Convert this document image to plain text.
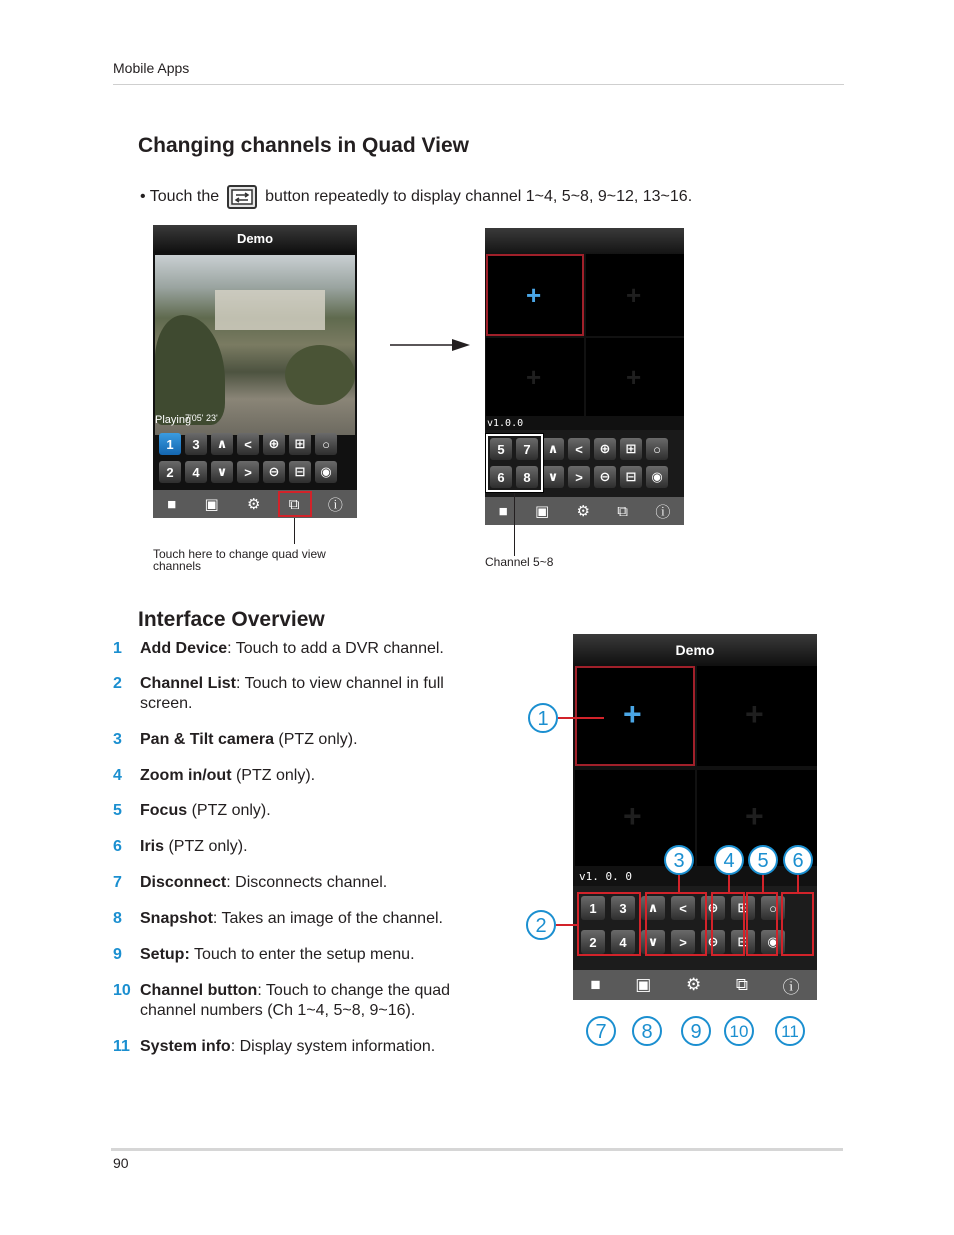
Mobile Apps
Changing channels in Quad View
• Touch the	button repeatedly to display channel 1~4, 5~8, 9~12, 13~16.
Demo
7'05' 23'
Playing
1	3	∧	<	⊕	⊞	○
2	4	∨	>	⊖	⊟	◉
■ ▣ ⚙ ⧉ ⓘ
Touch here to change quad view channels
+	+
+	+
v1.0.0
5	7	∧	<	⊕	⊞	○
6	8	∨	>	⊖	⊟	◉
■ ▣ ⚙ ⧉ ⓘ
Channel 5~8
Interface Overview
1 Add Device: Touch to add a DVR channel.
2 Channel List: Touch to view channel in full screen.
3 Pan & Tilt camera (PTZ only).
4 Zoom in/out (PTZ only).
5 Focus (PTZ only).
6 Iris (PTZ only).
7 Disconnect: Disconnects channel.
8 Snapshot: Takes an image of the channel.
9 Setup: Touch to enter the setup menu.
10 Channel button: Touch to change the quad channel numbers (Ch 1~4, 5~8, 9~16).
11 System info: Display system information.
Demo
+	+
+	+
v1. 0. 0
1	3	∧	<	⊕	⊞	○
2	4	∨	>	⊖	⊟	◉
■ ▣ ⚙ ⧉ ⓘ
1
2
3	4	5	6
7	8	9	10	11
90
